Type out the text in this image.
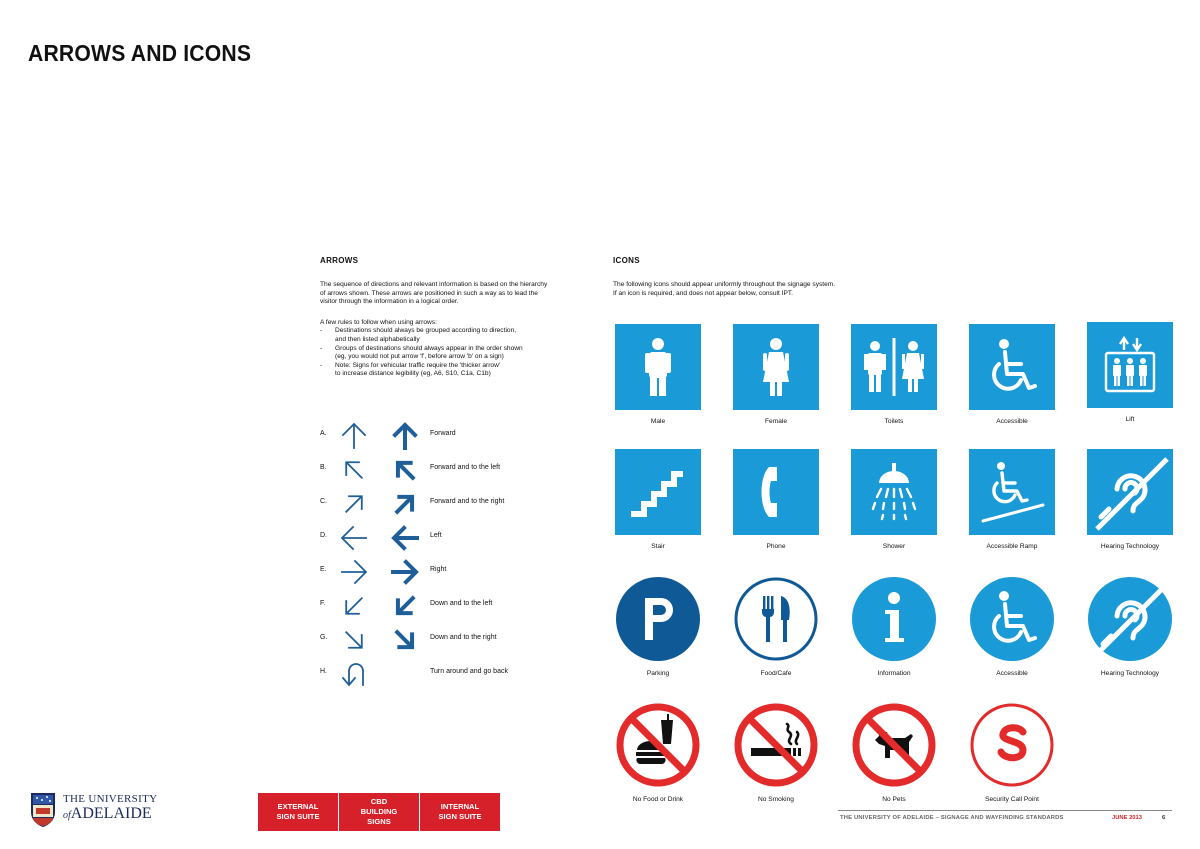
ARROWS AND ICONS
ARROWS
The sequence of directions and relevant information is based on the hierarchy
of arrows shown. These arrows are positioned in such a way as to lead the
visitor through the information in a logical order.
A few rules to follow when using arrows:
- Destinations should always be grouped according to direction,
and then listed alphabetically
- Groups of destinations should always appear in the order shown
(eg, you would not put arrow 'f', before arrow 'b' on a sign)
- Note: Signs for vehicular traffic require the 'thicker arrow'
to increase distance legibility (eg, A6, S10, C1a, C1b)
A.	Forward
B.	Forward and to the left
C.	Forward and to the right
D.	Left
E.	Right
F.	Down and to the left
G.	Down and to the right
H.	Turn around and go back
ICONS
The following icons should appear uniformly throughout the signage system.
If an icon is required, and does not appear below, consult IPT.
Male	Female	Toilets	Accessible	Lift
Stair	Phone	Shower	Accessible Ramp	Hearing Technology
Parking	Food/Cafe	Information	Accessible	Hearing Technology
No Food or Drink	No Smoking	No Pets	Security Call Point
THE UNIVERSITY
ofADELAIDE	EXTERNAL
SIGN SUITE
CBD
BUILDING
SIGNS
INTERNAL
SIGN SUITE	THE UNIVERSITY OF ADELAIDE – SIGNAGE AND WAYFINDING STANDARDS	JUNE 2013	6
